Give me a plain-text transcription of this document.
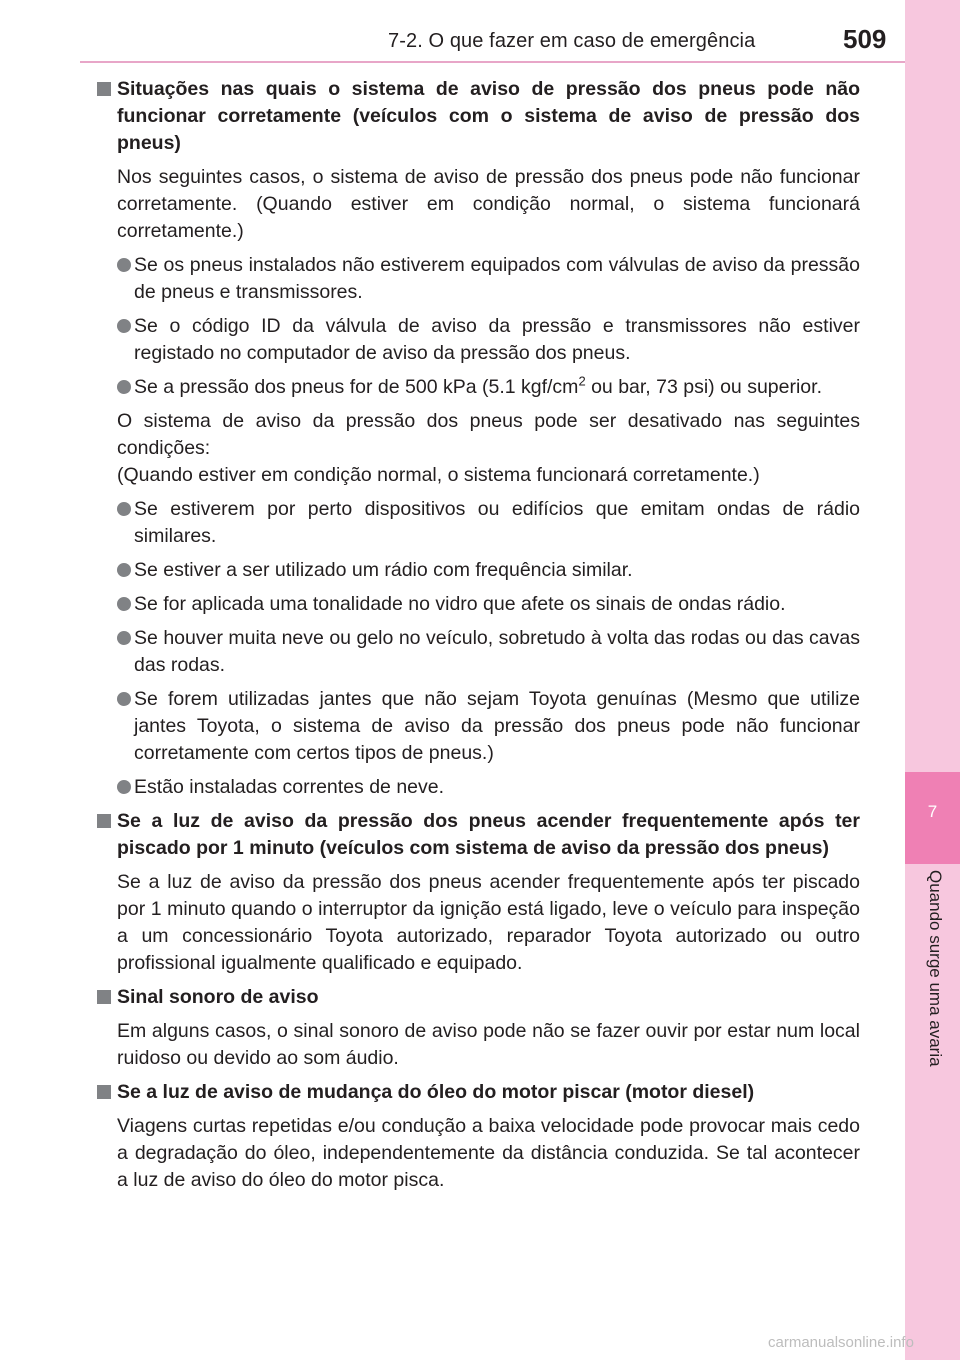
7-2. O que fazer em caso de emergência	509
7
Quando surge uma avaria
Situações nas quais o sistema de aviso de pressão dos pneus pode não funcionar corretamente (veículos com o sistema de aviso de pressão dos pneus)

Nos seguintes casos, o sistema de aviso de pressão dos pneus pode não funcionar corretamente. (Quando estiver em condição normal, o sistema funcionará corretamente.)

Se os pneus instalados não estiverem equipados com válvulas de aviso da pressão de pneus e transmissores.
Se o código ID da válvula de aviso da pressão e transmissores não estiver registado no computador de aviso da pressão dos pneus.
Se a pressão dos pneus for de 500 kPa (5.1 kgf/$cm^2$ ou bar, 73 psi) ou superior.

O sistema de aviso da pressão dos pneus pode ser desativado nas seguintes condições:
(Quando estiver em condição normal, o sistema funcionará corretamente.)

Se estiverem por perto dispositivos ou edifícios que emitam ondas de rádio similares.
Se estiver a ser utilizado um rádio com frequência similar.
Se for aplicada uma tonalidade no vidro que afete os sinais de ondas rádio.
Se houver muita neve ou gelo no veículo, sobretudo à volta das rodas ou das cavas das rodas.
Se forem utilizadas jantes que não sejam Toyota genuínas (Mesmo que utilize jantes Toyota, o sistema de aviso da pressão dos pneus pode não funcionar corretamente com certos tipos de pneus.)
Estão instaladas correntes de neve.
Se a luz de aviso da pressão dos pneus acender frequentemente após ter piscado por 1 minuto (veículos com sistema de aviso da pressão dos pneus)

Se a luz de aviso da pressão dos pneus acender frequentemente após ter piscado por 1 minuto quando o interruptor da ignição está ligado, leve o veículo para inspeção a um concessionário Toyota autorizado, reparador Toyota autorizado ou outro profissional igualmente qualificado e equipado.

Sinal sonoro de aviso

Em alguns casos, o sinal sonoro de aviso pode não se fazer ouvir por estar num local ruidoso ou devido ao som áudio.

Se a luz de aviso de mudança do óleo do motor piscar (motor diesel)

Viagens curtas repetidas e/ou condução a baixa velocidade pode provocar mais cedo a degradação do óleo, independentemente da distância conduzida. Se tal acontecer a luz de aviso do óleo do motor pisca.

carmanualsonline.info
